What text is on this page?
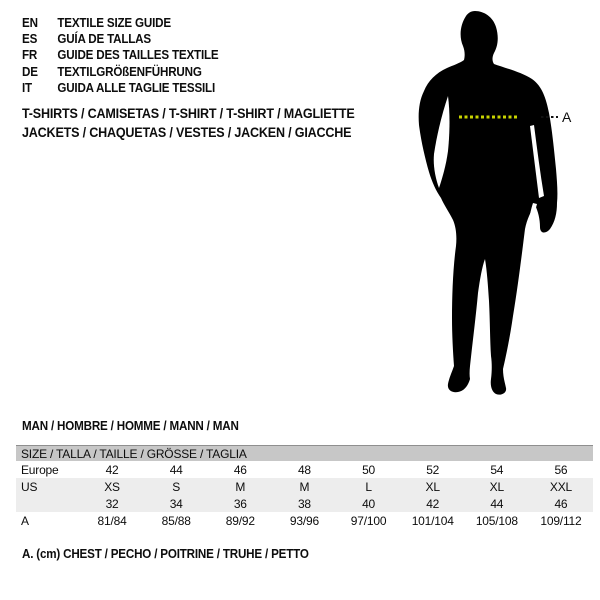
EN	TEXTILE SIZE GUIDE
ES	GUÍA DE TALLAS
FR	GUIDE DES TAILLES TEXTILE
DE	TEXTILGRÖßENFÜHRUNG
IT	GUIDA ALLE TAGLIE TESSILI
T-SHIRTS / CAMISETAS / T-SHIRT / T-SHIRT / MAGLIETTE
JACKETS / CHAQUETAS / VESTES / JACKEN / GIACCHE
A
MAN / HOMBRE / HOMME / MANN / MAN
SIZE / TALLA / TAILLE / GRÖSSE / TAGLIA								
Europe	42	44	46	48	50	52	54	56
US	XS	S	M	M	L	XL	XL	XXL
	32	34	36	38	40	42	44	46
A	81/84	85/88	89/92	93/96	97/100	101/104	105/108	109/112
A. (cm) CHEST / PECHO / POITRINE / TRUHE / PETTO
